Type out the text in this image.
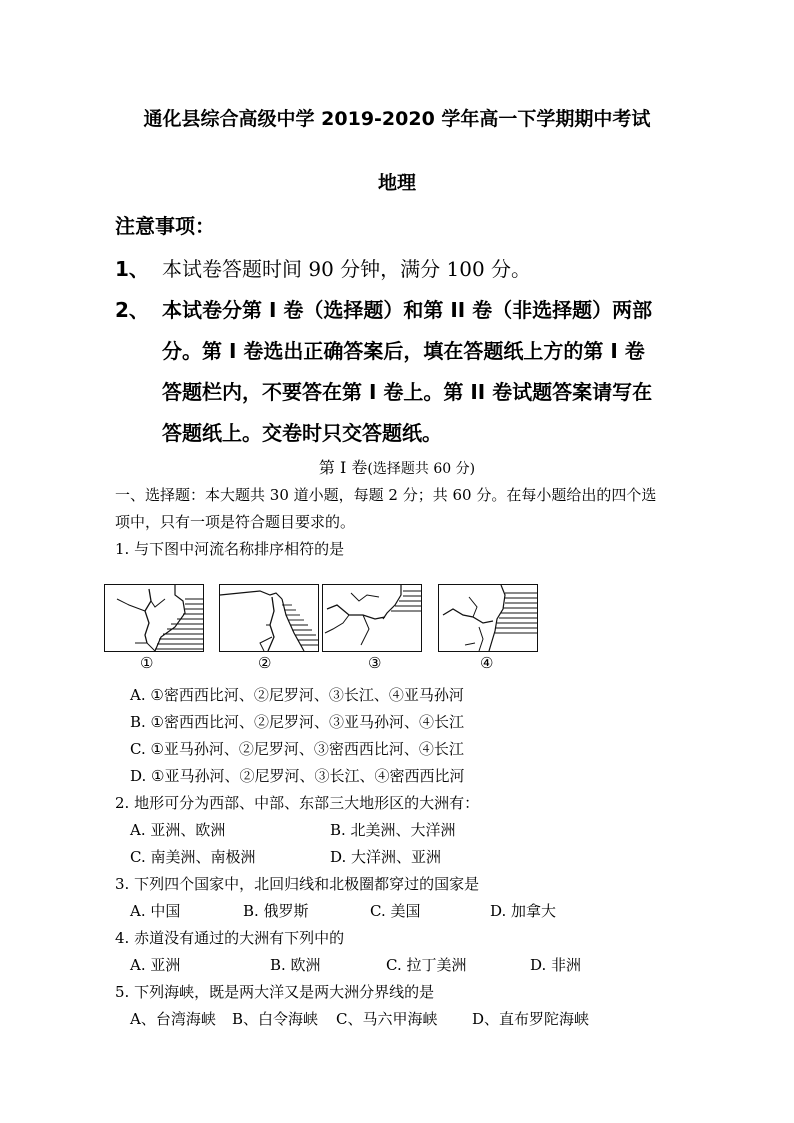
通化县综合高级中学 2019-2020 学年高一下学期期中考试
地理
注意事项：
1、 本试卷答题时间 90 分钟，满分 100 分。
2、 本试卷分第 I 卷（选择题）和第 II 卷（非选择题）两部
分。第 I 卷选出正确答案后，填在答题纸上方的第 I 卷
答题栏内，不要答在第 I 卷上。第 II 卷试题答案请写在
答题纸上。交卷时只交答题纸。
第 I 卷(选择题共 60 分)
一、选择题：本大题共 30 道小题，每题 2 分；共 60 分。在每小题给出的四个选
项中，只有一项是符合题目要求的。
1. 与下图中河流名称排序相符的是
①	②	③	④
A. ①密西西比河、②尼罗河、③长江、④亚马孙河
B. ①密西西比河、②尼罗河、③亚马孙河、④长江
C. ①亚马孙河、②尼罗河、③密西西比河、④长江
D. ①亚马孙河、②尼罗河、③长江、④密西西比河
2. 地形可分为西部、中部、东部三大地形区的大洲有：
A. 亚洲、欧洲	B. 北美洲、大洋洲
C. 南美洲、南极洲	D. 大洋洲、亚洲
3. 下列四个国家中，北回归线和北极圈都穿过的国家是
A. 中国	B. 俄罗斯	C. 美国	D. 加拿大
4. 赤道没有通过的大洲有下列中的
A. 亚洲	B. 欧洲	C. 拉丁美洲	D. 非洲
5. 下列海峡，既是两大洋又是两大洲分界线的是
A、台湾海峡 B、白令海峡 C、马六甲海峡 D、直布罗陀海峡
